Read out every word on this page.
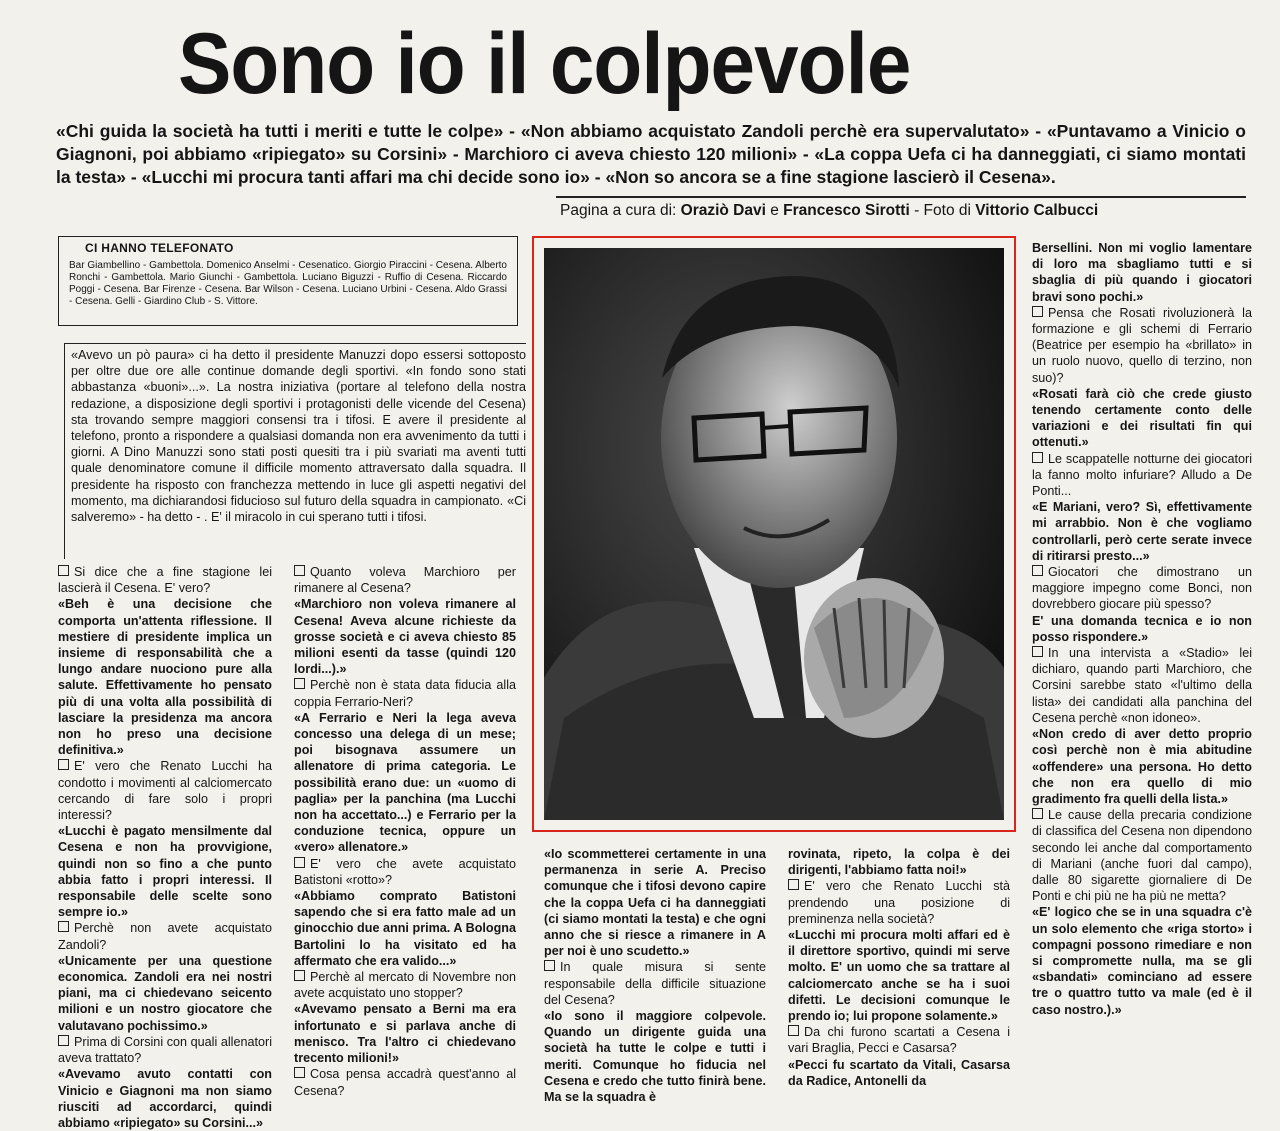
Sono io il colpevole
«Chi guida la società ha tutti i meriti e tutte le colpe» - «Non abbiamo acquistato Zandoli perchè era supervalutato» - «Puntavamo a Vinicio o Giagnoni, poi abbiamo «ripiegato» su Corsini» - Marchioro ci aveva chiesto 120 milioni» - «La coppa Uefa ci ha danneggiati, ci siamo montati la testa» - «Lucchi mi procura tanti affari ma chi decide sono io» - «Non so ancora se a fine stagione lascierò il Cesena».
Pagina a cura di: Oraziò Davi e Francesco Sirotti - Foto di Vittorio Calbucci
CI HANNO TELEFONATO
Bar Giambellino - Gambettola. Domenico Anselmi - Cesenatico. Giorgio Piraccini - Cesena. Alberto Ronchi - Gambettola. Mario Giunchi - Gambettola. Luciano Biguzzi - Ruffio di Cesena. Riccardo Poggi - Cesena. Bar Firenze - Cesena. Bar Wilson - Cesena. Luciano Urbini - Cesena. Aldo Grassi - Cesena. Gelli - Giardino Club - S. Vittore.

«Avevo un pò paura» ci ha detto il presidente Manuzzi dopo essersi sottoposto per oltre due ore alle continue domande degli sportivi. «In fondo sono stati abbastanza «buoni»...». La nostra iniziativa (portare al telefono della nostra redazione, a disposizione degli sportivi i protagonisti delle vicende del Cesena) sta trovando sempre maggiori consensi tra i tifosi. E avere il presidente al telefono, pronto a rispondere a qualsiasi domanda non era avvenimento da tutti i giorni. A Dino Manuzzi sono stati posti quesiti tra i più svariati ma aventi tutti quale denominatore comune il difficile momento attraversato dalla squadra. Il presidente ha risposto con franchezza mettendo in luce gli aspetti negativi del momento, ma dichiarandosi fiducioso sul futuro della squadra in campionato. «Ci salveremo» - ha detto - . E' il miracolo in cui sperano tutti i tifosi.

Si dice che a fine stagione lei lascierà il Cesena. E' vero?

«Beh è una decisione che comporta un'attenta riflessione. Il mestiere di presidente implica un insieme di responsabilità che a lungo andare nuociono pure alla salute. Effettivamente ho pensato più di una volta alla possibilità di lasciare la presidenza ma ancora non ho preso una decisione definitiva.»

E' vero che Renato Lucchi ha condotto i movimenti al calciomercato cercando di fare solo i propri interessi?

«Lucchi è pagato mensilmente dal Cesena e non ha provvigione, quindi non so fino a che punto abbia fatto i propri interessi. Il responsabile delle scelte sono sempre io.»

Perchè non avete acquistato Zandoli?

«Unicamente per una questione economica. Zandoli era nei nostri piani, ma ci chiedevano seicento milioni e un nostro giocatore che valutavano pochissimo.»

Prima di Corsini con quali allenatori aveva trattato?

«Avevamo avuto contatti con Vinicio e Giagnoni ma non siamo riusciti ad accordarci, quindi abbiamo «ripiegato» su Corsini...»

Quanto voleva Marchioro per rimanere al Cesena?

«Marchioro non voleva rimanere al Cesena! Aveva alcune richieste da grosse società e ci aveva chiesto 85 milioni esenti da tasse (quindi 120 lordi...).»

Perchè non è stata data fiducia alla coppia Ferrario-Neri?

«A Ferrario e Neri la lega aveva concesso una delega di un mese; poi bisognava assumere un allenatore di prima categoria. Le possibilità erano due: un «uomo di paglia» per la panchina (ma Lucchi non ha accettato...) e Ferrario per la conduzione tecnica, oppure un «vero» allenatore.»

E' vero che avete acquistato Batistoni «rotto»?

«Abbiamo comprato Batistoni sapendo che si era fatto male ad un ginocchio due anni prima. A Bologna Bartolini lo ha visitato ed ha affermato che era valido...»

Perchè al mercato di Novembre non avete acquistato uno stopper?

«Avevamo pensato a Berni ma era infortunato e si parlava anche di menisco. Tra l'altro ci chiedevano trecento milioni!»

Cosa pensa accadrà quest'anno al Cesena?

«Io scommetterei certamente in una permanenza in serie A. Preciso comunque che i tifosi devono capire che la coppa Uefa ci ha danneggiati (ci siamo montati la testa) e che ogni anno che si riesce a rimanere in A per noi è uno scudetto.»

In quale misura si sente responsabile della difficile situazione del Cesena?

«Io sono il maggiore colpevole. Quando un dirigente guida una società ha tutte le colpe e tutti i meriti. Comunque ho fiducia nel Cesena e credo che tutto finirà bene. Ma se la squadra è

rovinata, ripeto, la colpa è dei dirigenti, l'abbiamo fatta noi!»

E' vero che Renato Lucchi stà prendendo una posizione di preminenza nella società?

«Lucchi mi procura molti affari ed è il direttore sportivo, quindi mi serve molto. E' un uomo che sa trattare al calciomercato anche se ha i suoi difetti. Le decisioni comunque le prendo io; lui propone solamente.»

Da chi furono scartati a Cesena i vari Braglia, Pecci e Casarsa?

«Pecci fu scartato da Vitali, Casarsa da Radice, Antonelli da

Bersellini. Non mi voglio lamentare di loro ma sbagliamo tutti e si sbaglia di più quando i giocatori bravi sono pochi.»

Pensa che Rosati rivoluzionerà la formazione e gli schemi di Ferrario (Beatrice per esempio ha «brillato» in un ruolo nuovo, quello di terzino, non suo)?

«Rosati farà ciò che crede giusto tenendo certamente conto delle variazioni e dei risultati fin qui ottenuti.»

Le scappatelle notturne dei giocatori la fanno molto infuriare? Alludo a De Ponti...

«E Mariani, vero? Sì, effettivamente mi arrabbio. Non è che vogliamo controllarli, però certe serate invece di ritirarsi presto...»

Giocatori che dimostrano un maggiore impegno come Bonci, non dovrebbero giocare più spesso?

E' una domanda tecnica e io non posso rispondere.»

In una intervista a «Stadio» lei dichiaro, quando parti Marchioro, che Corsini sarebbe stato «l'ultimo della lista» dei candidati alla panchina del Cesena perchè «non idoneo».

«Non credo di aver detto proprio così perchè non è mia abitudine «offendere» una persona. Ho detto che non era quello di mio gradimento fra quelli della lista.»

Le cause della precaria condizione di classifica del Cesena non dipendono secondo lei anche dal comportamento di Mariani (anche fuori dal campo), dalle 80 sigarette giornaliere di De Ponti e chi più ne ha più ne metta?

«E' logico che se in una squadra c'è un solo elemento che «riga storto» i compagni possono rimediare e non si compromette nulla, ma se gli «sbandati» cominciano ad essere tre o quattro tutto va male (ed è il caso nostro.).»
